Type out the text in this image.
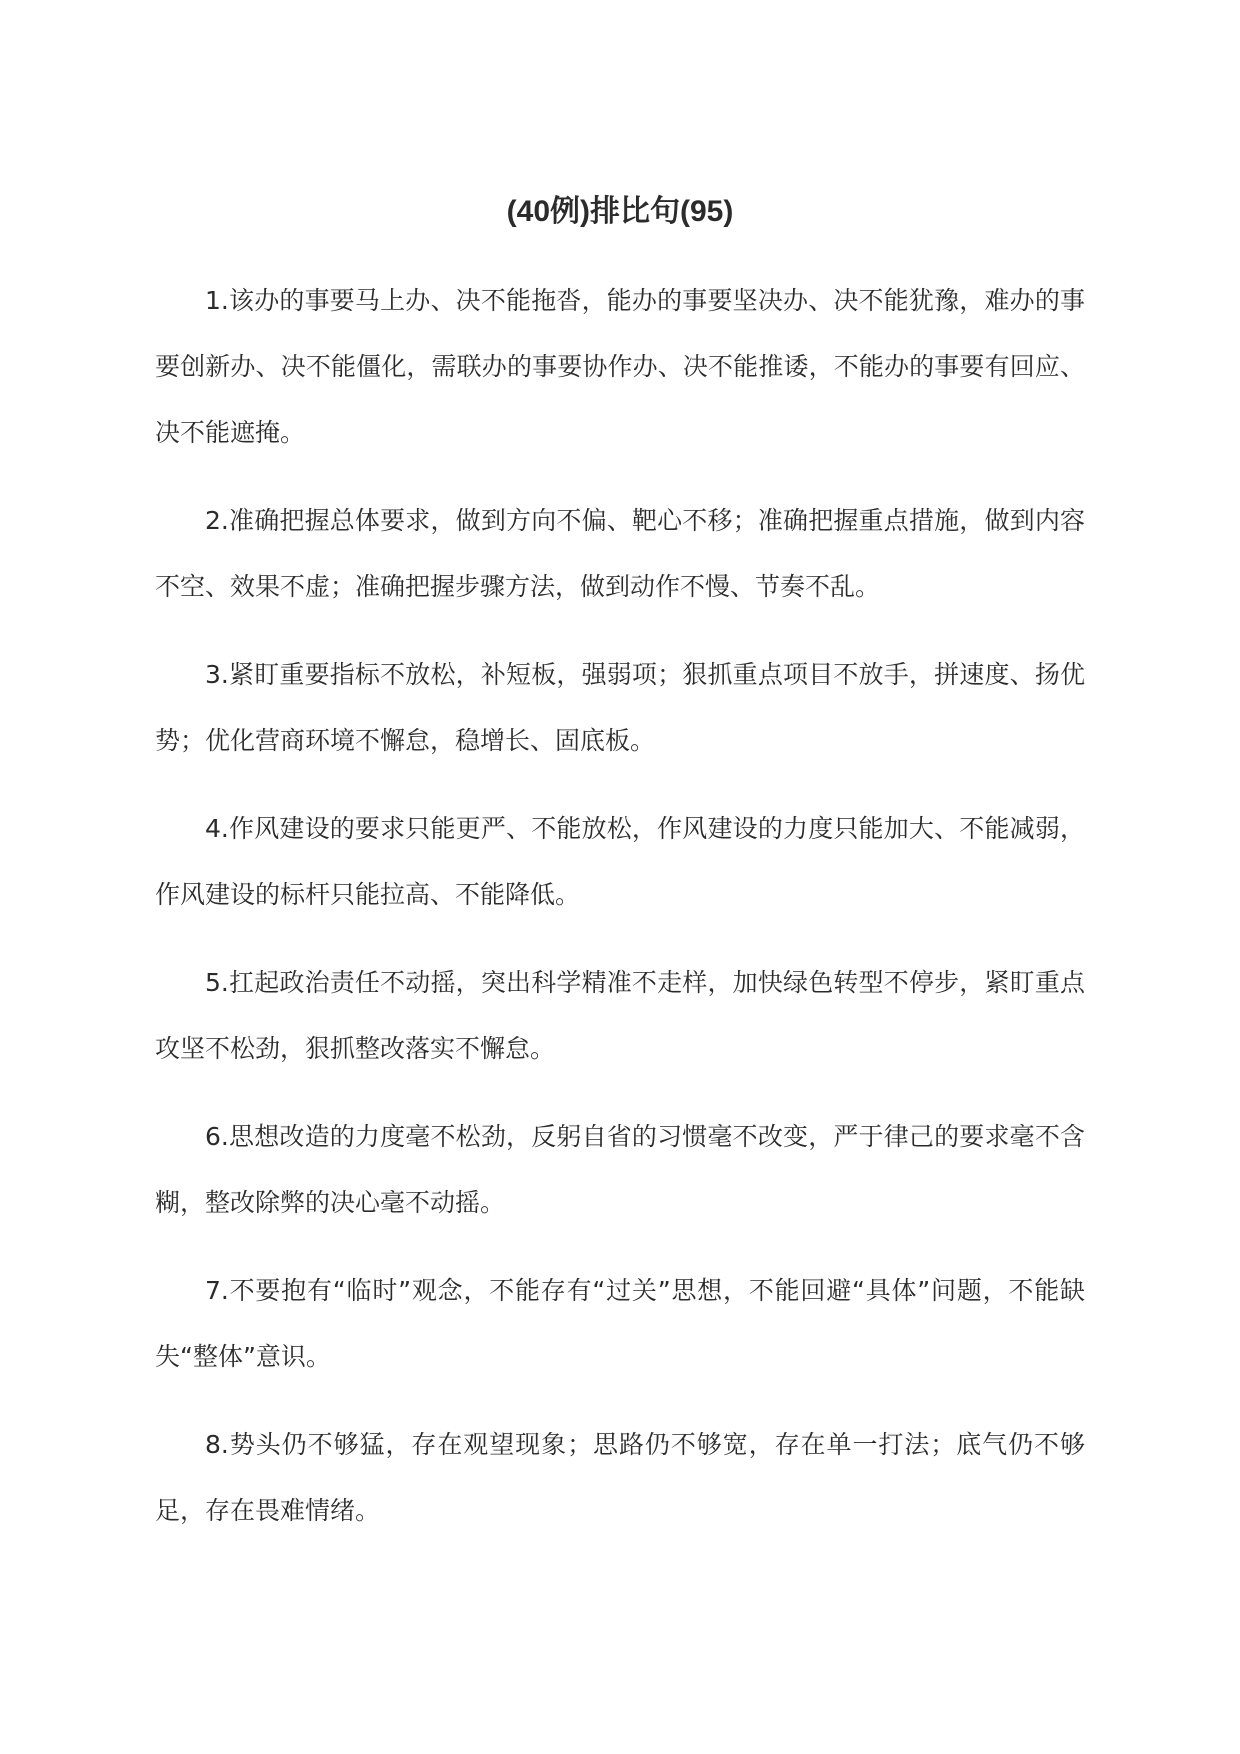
(40例)排比句(95)

1.该办的事要马上办、决不能拖沓，能办的事要坚决办、决不能犹豫，难办的事要创新办、决不能僵化，需联办的事要协作办、决不能推诿，不能办的事要有回应、决不能遮掩。

2.准确把握总体要求，做到方向不偏、靶心不移；准确把握重点措施，做到内容不空、效果不虚；准确把握步骤方法，做到动作不慢、节奏不乱。

3.紧盯重要指标不放松，补短板，强弱项；狠抓重点项目不放手，拼速度、扬优势；优化营商环境不懈怠，稳增长、固底板。

4.作风建设的要求只能更严、不能放松，作风建设的力度只能加大、不能减弱，作风建设的标杆只能拉高、不能降低。

5.扛起政治责任不动摇，突出科学精准不走样，加快绿色转型不停步，紧盯重点攻坚不松劲，狠抓整改落实不懈怠。

6.思想改造的力度毫不松劲，反躬自省的习惯毫不改变，严于律己的要求毫不含糊，整改除弊的决心毫不动摇。

7.不要抱有“临时”观念，不能存有“过关”思想，不能回避“具体”问题，不能缺失“整体”意识。

8.势头仍不够猛，存在观望现象；思路仍不够宽，存在单一打法；底气仍不够足，存在畏难情绪。
